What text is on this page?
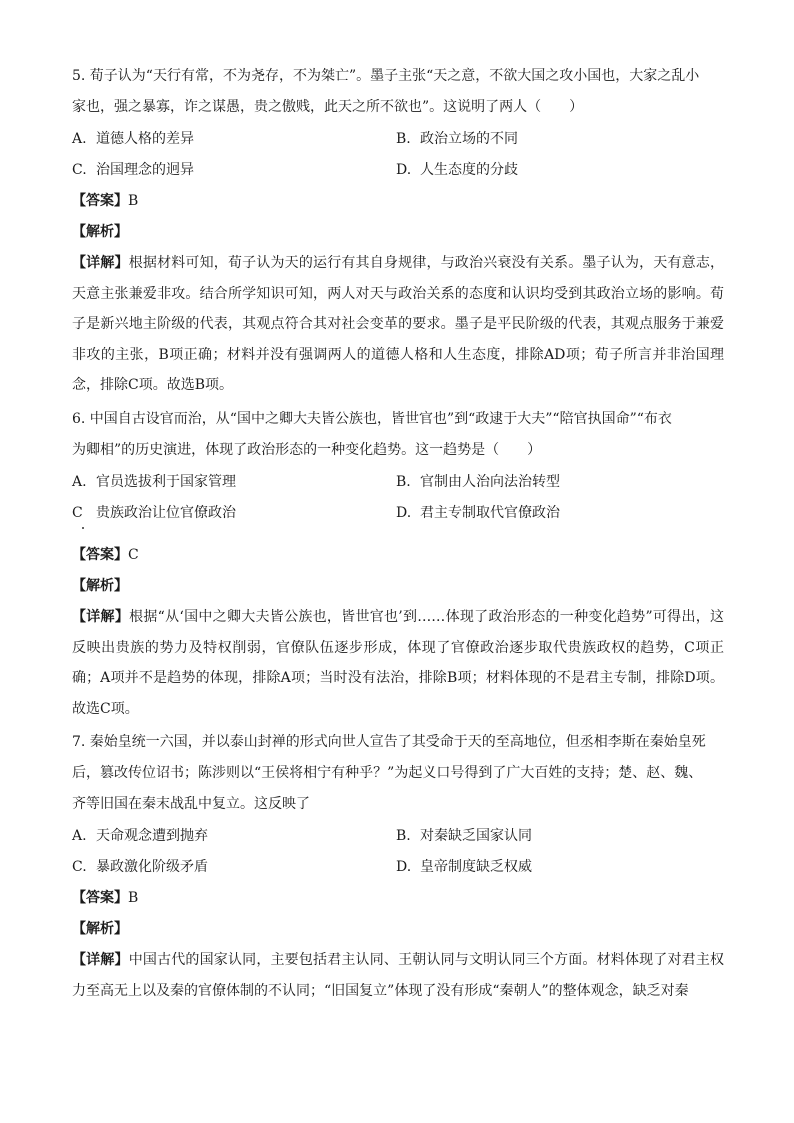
5. 荀子认为“天行有常，不为尧存，不为桀亡”。墨子主张“天之意，不欲大国之攻小国也，大家之乱小
家也，强之暴寡，诈之谋愚，贵之傲贱，此天之所不欲也”。这说明了两人（　　）
A. 道德人格的差异	B. 政治立场的不同
C. 治国理念的迥异	D. 人生态度的分歧
【答案】B
【解析】
【详解】根据材料可知，荀子认为天的运行有其自身规律，与政治兴衰没有关系。墨子认为，天有意志，天意主张兼爱非攻。结合所学知识可知，两人对天与政治关系的态度和认识均受到其政治立场的影响。荀子是新兴地主阶级的代表，其观点符合其对社会变革的要求。墨子是平民阶级的代表，其观点服务于兼爱非攻的主张，B项正确；材料并没有强调两人的道德人格和人生态度，排除AD项；荀子所言并非治国理念，排除C项。故选B项。
6. 中国自古设官而治，从“国中之卿大夫皆公族也，皆世官也”到“政逮于大夫”“陪官执国命”“布衣
为卿相”的历史演进，体现了政治形态的一种变化趋势。这一趋势是（　　）
A. 官员选拔利于国家管理	B. 官制由人治向法治转型
C 贵族政治让位官僚政治	D. 君主专制取代官僚政治
【答案】C
【解析】
【详解】根据“从‘国中之卿大夫皆公族也，皆世官也’到……体现了政治形态的一种变化趋势”可得出，这反映出贵族的势力及特权削弱，官僚队伍逐步形成，体现了官僚政治逐步取代贵族政权的趋势，C项正确；A项并不是趋势的体现，排除A项；当时没有法治，排除B项；材料体现的不是君主专制，排除D项。故选C项。
7. 秦始皇统一六国，并以泰山封禅的形式向世人宣告了其受命于天的至高地位，但丞相李斯在秦始皇死
后，篡改传位诏书；陈涉则以“王侯将相宁有种乎？”为起义口号得到了广大百姓的支持；楚、赵、魏、
齐等旧国在秦末战乱中复立。这反映了
A. 天命观念遭到抛弃	B. 对秦缺乏国家认同
C. 暴政激化阶级矛盾	D. 皇帝制度缺乏权威
【答案】B
【解析】
【详解】中国古代的国家认同，主要包括君主认同、王朝认同与文明认同三个方面。材料体现了对君主权力至高无上以及秦的官僚体制的不认同；“旧国复立”体现了没有形成“秦朝人”的整体观念，缺乏对秦
